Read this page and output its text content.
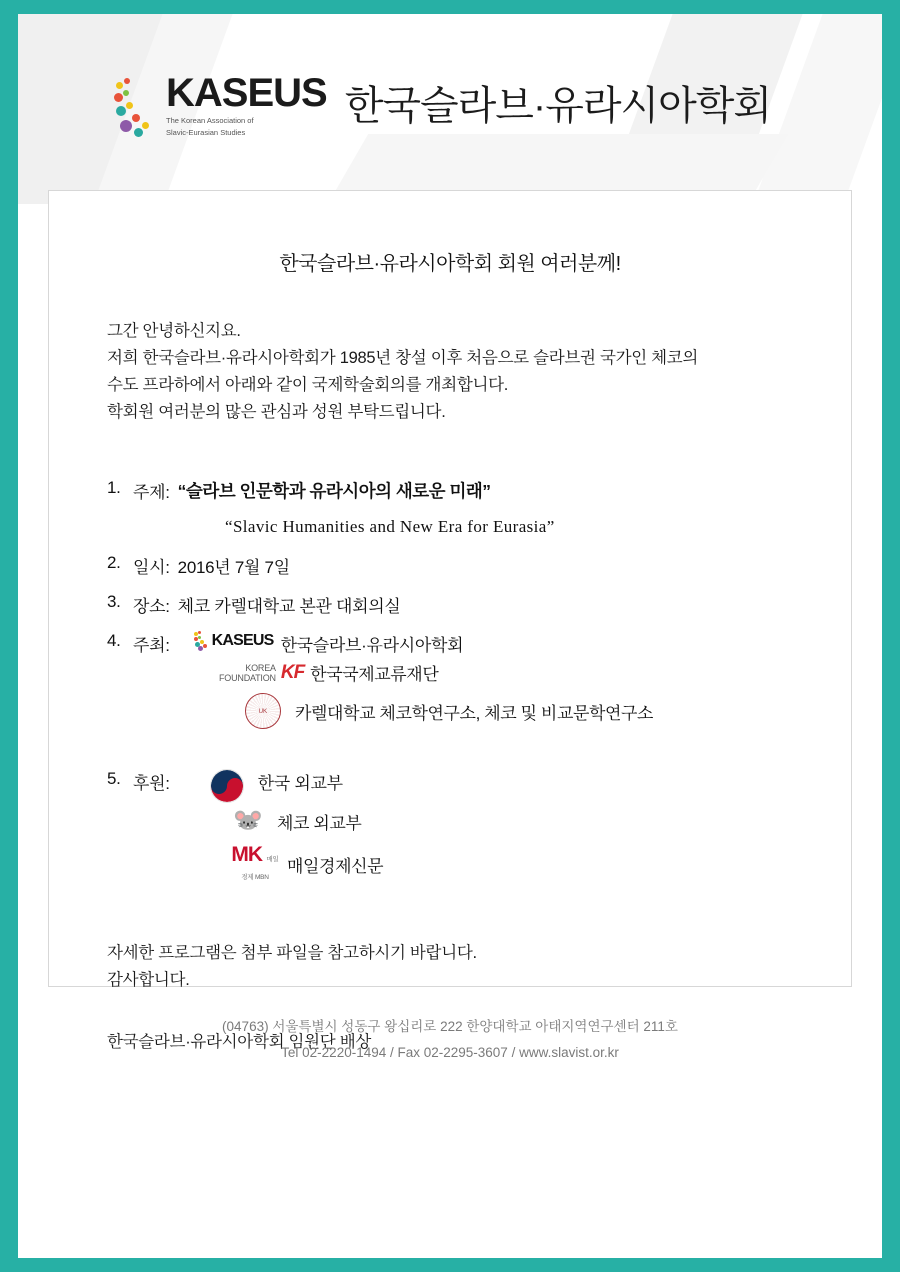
KASEUS
The Korean Association of
Slavic-Eurasian Studies
한국슬라브·유라시아학회
한국슬라브·유라시아학회 회원 여러분께!
그간 안녕하신지요.
저희 한국슬라브·유라시아학회가 1985년 창설 이후 처음으로 슬라브권 국가인 체코의
수도 프라하에서 아래와 같이 국제학술회의를 개최합니다.
학회원 여러분의 많은 관심과 성원 부탁드립니다.
1. 주제: “슬라브 인문학과 유라시아의 새로운 미래”
“Slavic Humanities and New Era for Eurasia”
2. 일시: 2016년 7월 7일
3. 장소: 체코 카렐대학교 본관 대회의실
4. 주최:	KASEUS 한국슬라브·유라시아학회
KOREA
FOUNDATION KF 한국국제교류재단
UK 카렐대학교 체코학연구소, 체코 및 비교문학연구소
5. 후원:	한국 외교부
🐭 체코 외교부
MK 매일경제 MBN
매일경제신문
자세한 프로그램은 첨부 파일을 참고하시기 바랍니다.
감사합니다.
한국슬라브·유라시아학회 임원단 배상
(04763) 서울특별시 성동구 왕십리로 222 한양대학교 아태지역연구센터 211호
Tel 02-2220-1494 / Fax 02-2295-3607 / www.slavist.or.kr
